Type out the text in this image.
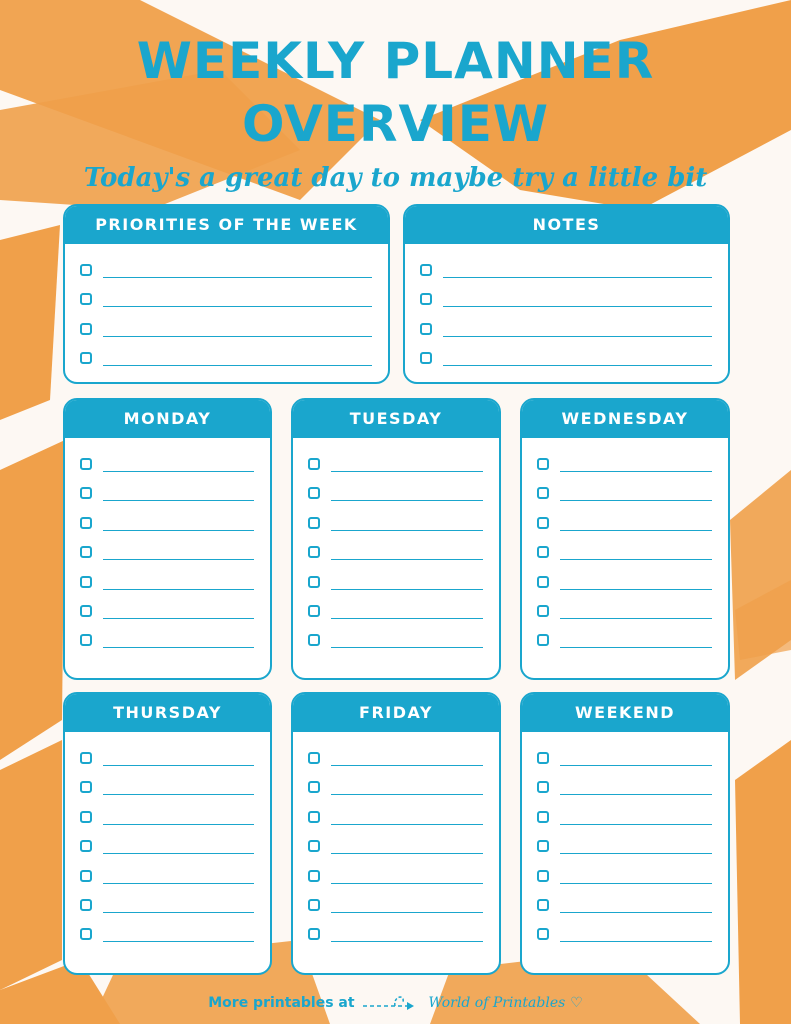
WEEKLY PLANNER
OVERVIEW
Today's a great day to maybe try a little bit
PRIORITIES OF THE WEEK	NOTES
MONDAY	TUESDAY	WEDNESDAY
THURSDAY	FRIDAY	WEEKEND
More printables at	World of Printables ♡
